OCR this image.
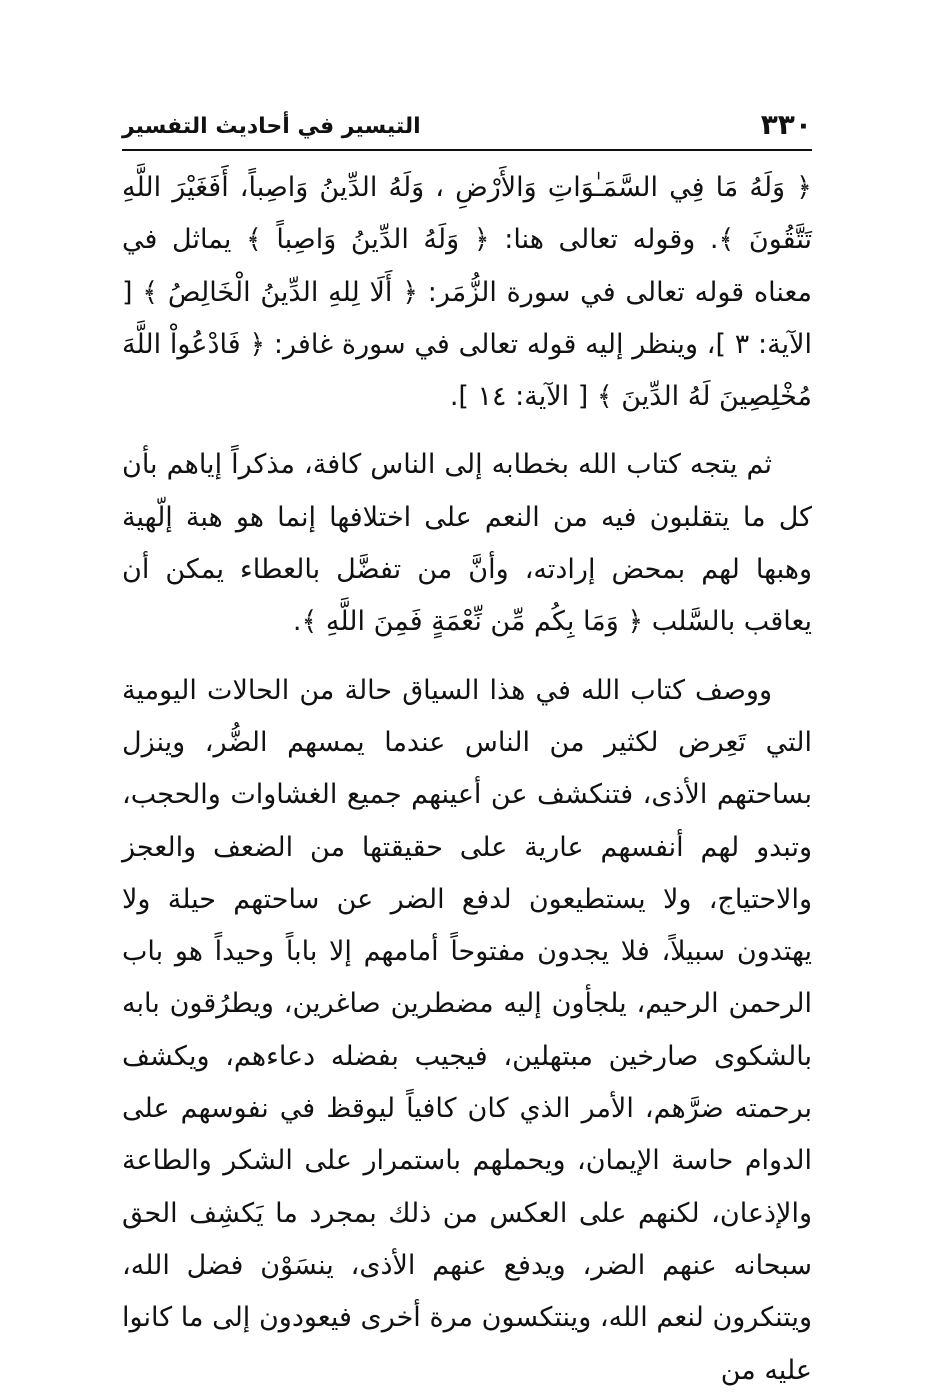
٣٣٠
التيسير في أحاديث التفسير

﴿ وَلَهُ مَا فِي السَّمَـٰوَاتِ وَالأَرْضِ ، وَلَهُ الدِّينُ وَاصِباً، أَفَغَيْرَ اللَّهِ تَتَّقُونَ ﴾. وقوله تعالى هنا: ﴿ وَلَهُ الدِّينُ وَاصِباً ﴾ يماثل في معناه قوله تعالى في سورة الزُّمَر: ﴿ أَلَا لِلهِ الدِّينُ الْخَالِصُ ﴾ [ الآية: ٣ ]، وينظر إليه قوله تعالى في سورة غافر: ﴿ فَادْعُواْ اللَّهَ مُخْلِصِينَ لَهُ الدِّينَ ﴾ [ الآية: ١٤ ].

ثم يتجه كتاب الله بخطابه إلى الناس كافة، مذكراً إياهم بأن كل ما يتقلبون فيه من النعم على اختلافها إنما هو هبة إلّهية وهبها لهم بمحض إرادته، وأنَّ من تفضَّل بالعطاء يمكن أن يعاقب بالسَّلب ﴿ وَمَا بِكُم مِّن نِّعْمَةٍ فَمِنَ اللَّهِ ﴾.

ووصف كتاب الله في هذا السياق حالة من الحالات اليومية التي تَعِرض لكثير من الناس عندما يمسهم الضُّر، وينزل بساحتهم الأذى، فتنكشف عن أعينهم جميع الغشاوات والحجب، وتبدو لهم أنفسهم عارية على حقيقتها من الضعف والعجز والاحتياج، ولا يستطيعون لدفع الضر عن ساحتهم حيلة ولا يهتدون سبيلاً، فلا يجدون مفتوحاً أمامهم إلا باباً وحيداً هو باب الرحمن الرحيم، يلجأون إليه مضطرين صاغرين، ويطرُقون بابه بالشكوى صارخين مبتهلين، فيجيب بفضله دعاءهم، ويكشف برحمته ضرَّهم، الأمر الذي كان كافياً ليوقظ في نفوسهم على الدوام حاسة الإيمان، ويحملهم باستمرار على الشكر والطاعة والإذعان، لكنهم على العكس من ذلك بمجرد ما يَكشِف الحق سبحانه عنهم الضر، ويدفع عنهم الأذى، ينسَوْن فضل الله، ويتنكرون لنعم الله، وينتكسون مرة أخرى فيعودون إلى ما كانوا عليه من
